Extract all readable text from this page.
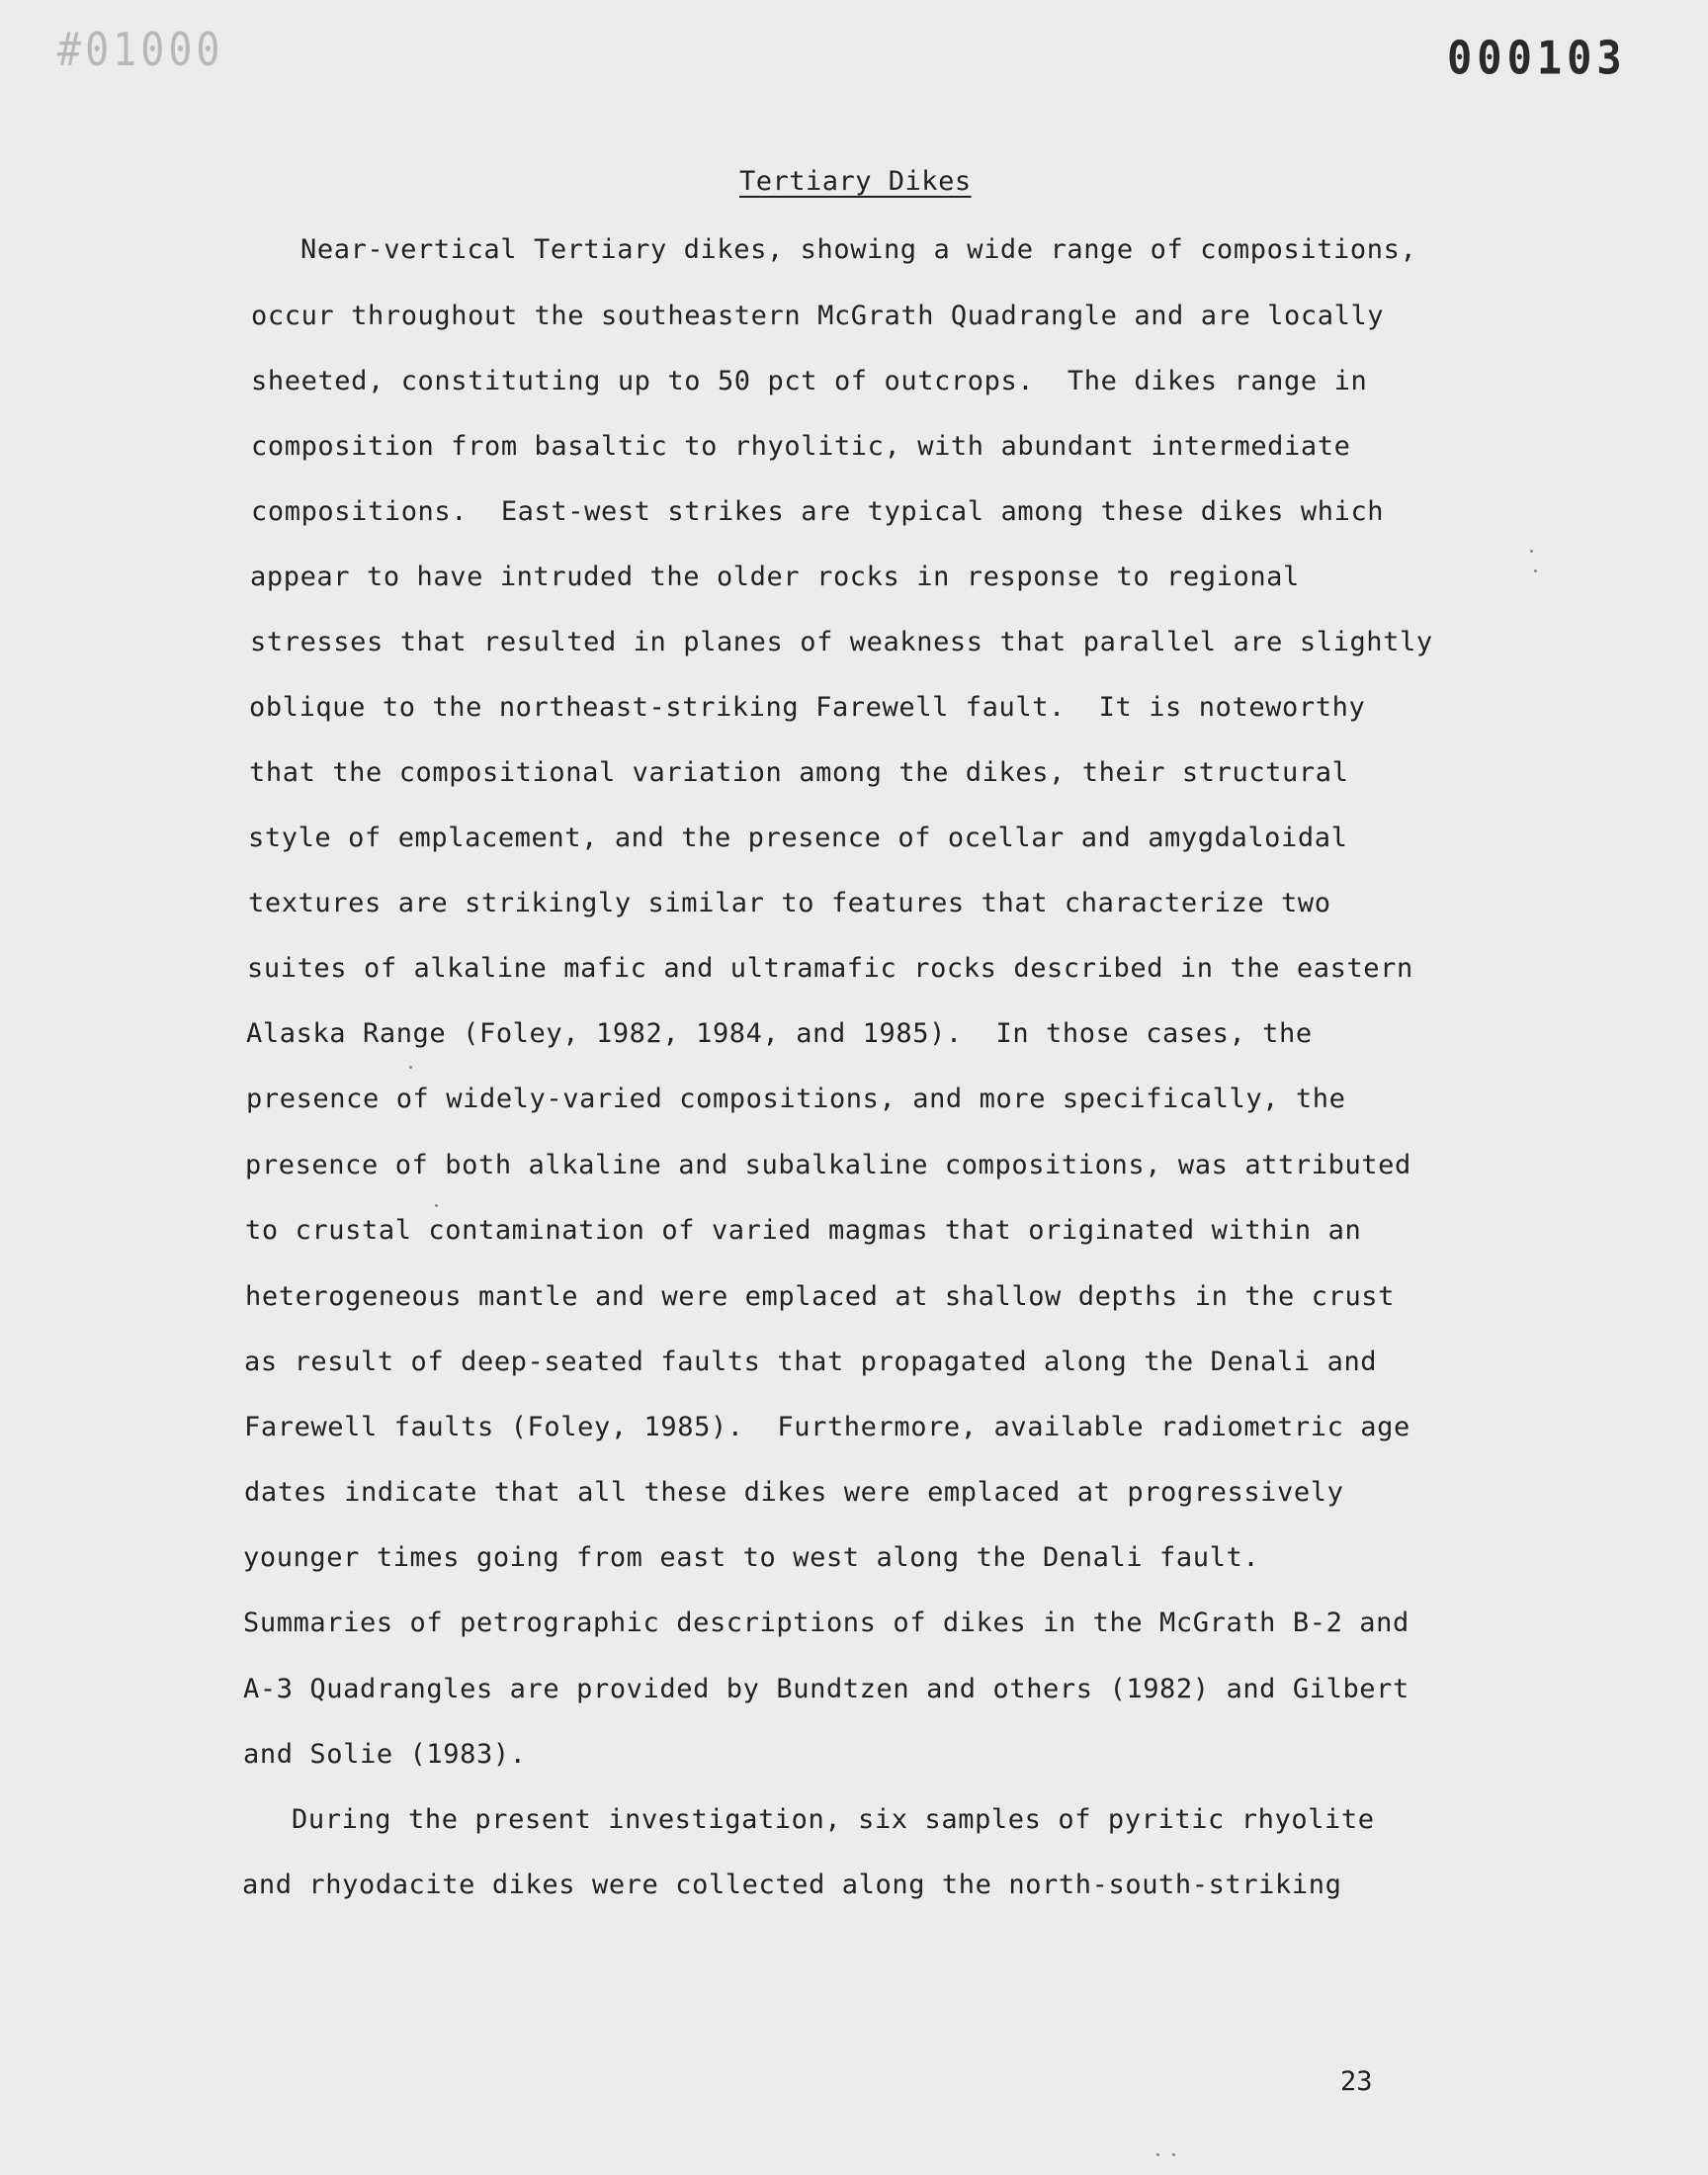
#01000	000103
Tertiary Dikes
Near-vertical Tertiary dikes, showing a wide range of compositions,
occur throughout the southeastern McGrath Quadrangle and are locally
sheeted, constituting up to 50 pct of outcrops.  The dikes range in
composition from basaltic to rhyolitic, with abundant intermediate
compositions.  East-west strikes are typical among these dikes which
appear to have intruded the older rocks in response to regional
stresses that resulted in planes of weakness that parallel are slightly
oblique to the northeast-striking Farewell fault.  It is noteworthy
that the compositional variation among the dikes, their structural
style of emplacement, and the presence of ocellar and amygdaloidal
textures are strikingly similar to features that characterize two
suites of alkaline mafic and ultramafic rocks described in the eastern
Alaska Range (Foley, 1982, 1984, and 1985).  In those cases, the
presence of widely-varied compositions, and more specifically, the
presence of both alkaline and subalkaline compositions, was attributed
to crustal contamination of varied magmas that originated within an
heterogeneous mantle and were emplaced at shallow depths in the crust
as result of deep-seated faults that propagated along the Denali and
Farewell faults (Foley, 1985).  Furthermore, available radiometric age
dates indicate that all these dikes were emplaced at progressively
younger times going from east to west along the Denali fault.
Summaries of petrographic descriptions of dikes in the McGrath B-2 and
A-3 Quadrangles are provided by Bundtzen and others (1982) and Gilbert
and Solie (1983).
During the present investigation, six samples of pyritic rhyolite
and rhyodacite dikes were collected along the north-south-striking
23
